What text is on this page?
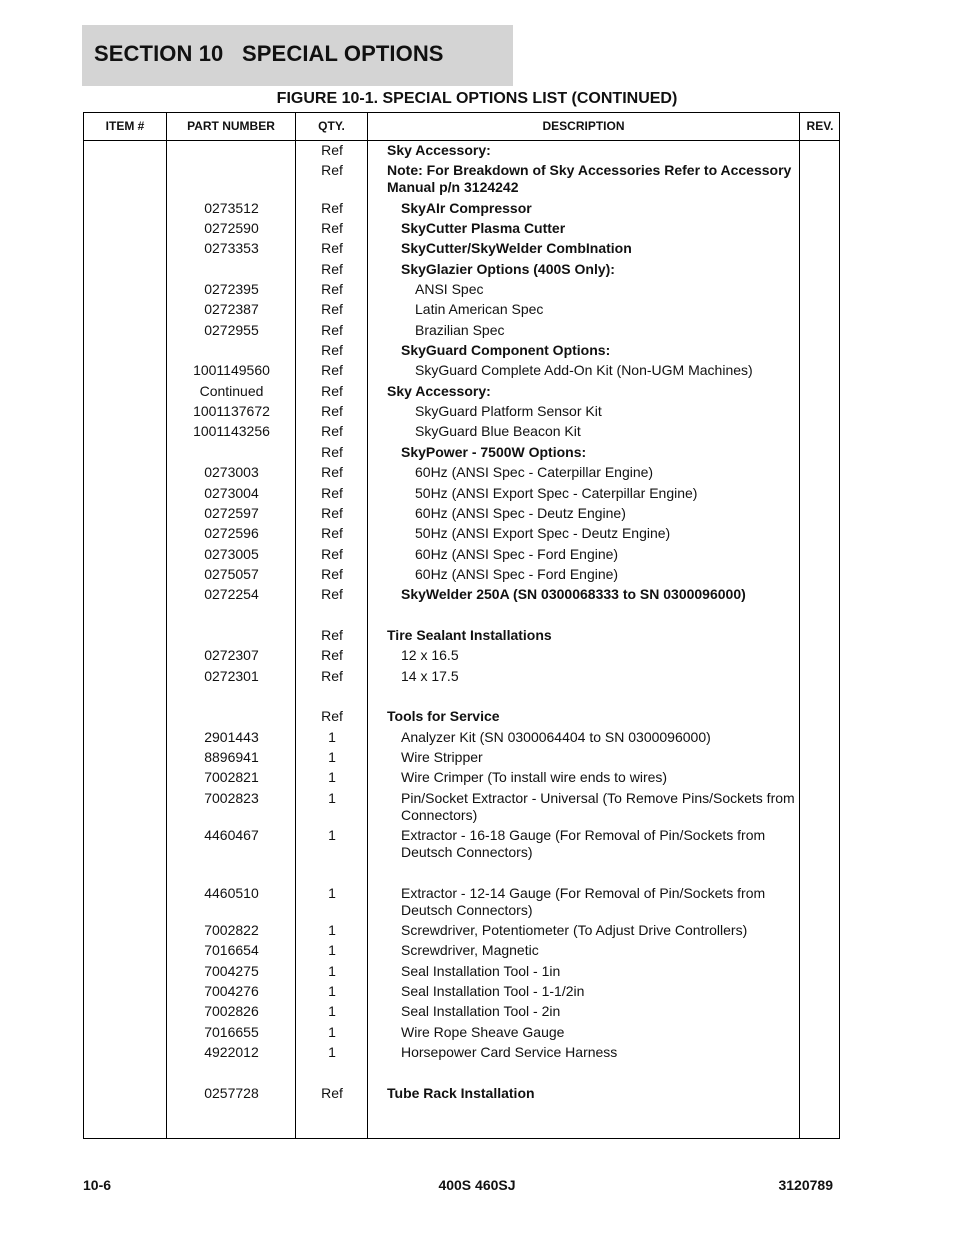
SECTION 10   SPECIAL OPTIONS
FIGURE 10-1. SPECIAL OPTIONS LIST (CONTINUED)
ITEM #	PART NUMBER	QTY.	DESCRIPTION	REV.
Ref	Sky Accessory:
Ref	Note: For Breakdown of Sky Accessories Refer to Accessory Manual p/n 3124242
0273512	Ref	SkyAIr Compressor
0272590	Ref	SkyCutter Plasma Cutter
0273353	Ref	SkyCutter/SkyWelder CombInation
Ref	SkyGlazier Options (400S Only):
0272395	Ref	ANSI Spec
0272387	Ref	Latin American Spec
0272955	Ref	Brazilian Spec
Ref	SkyGuard Component Options:
1001149560	Ref	SkyGuard Complete Add-On Kit (Non-UGM Machines)
Continued	Ref	Sky Accessory:
1001137672	Ref	SkyGuard Platform Sensor Kit
1001143256	Ref	SkyGuard Blue Beacon Kit
Ref	SkyPower - 7500W Options:
0273003	Ref	60Hz (ANSI Spec - Caterpillar Engine)
0273004	Ref	50Hz (ANSI Export Spec - Caterpillar Engine)
0272597	Ref	60Hz (ANSI Spec - Deutz Engine)
0272596	Ref	50Hz (ANSI Export Spec - Deutz Engine)
0273005	Ref	60Hz (ANSI Spec - Ford Engine)
0275057	Ref	60Hz (ANSI Spec - Ford Engine)
0272254	Ref	SkyWelder 250A (SN 0300068333 to SN 0300096000)

Ref	Tire Sealant Installations
0272307	Ref	12 x 16.5
0272301	Ref	14 x 17.5

Ref	Tools for Service
2901443	1	Analyzer Kit (SN 0300064404 to SN 0300096000)
8896941	1	Wire Stripper
7002821	1	Wire Crimper (To install wire ends to wires)
7002823	1	Pin/Socket Extractor - Universal (To Remove Pins/Sockets from Connectors)
4460467	1	Extractor - 16-18 Gauge (For Removal of Pin/Sockets from Deutsch Connectors)

4460510	1	Extractor - 12-14 Gauge (For Removal of Pin/Sockets from Deutsch Connectors)
7002822	1	Screwdriver, Potentiometer (To Adjust Drive Controllers)
7016654	1	Screwdriver, Magnetic
7004275	1	Seal Installation Tool - 1in
7004276	1	Seal Installation Tool - 1-1/2in
7002826	1	Seal Installation Tool - 2in
7016655	1	Wire Rope Sheave Gauge
4922012	1	Horsepower Card Service Harness

0257728	Ref	Tube Rack Installation
10-6	400S 460SJ	3120789
